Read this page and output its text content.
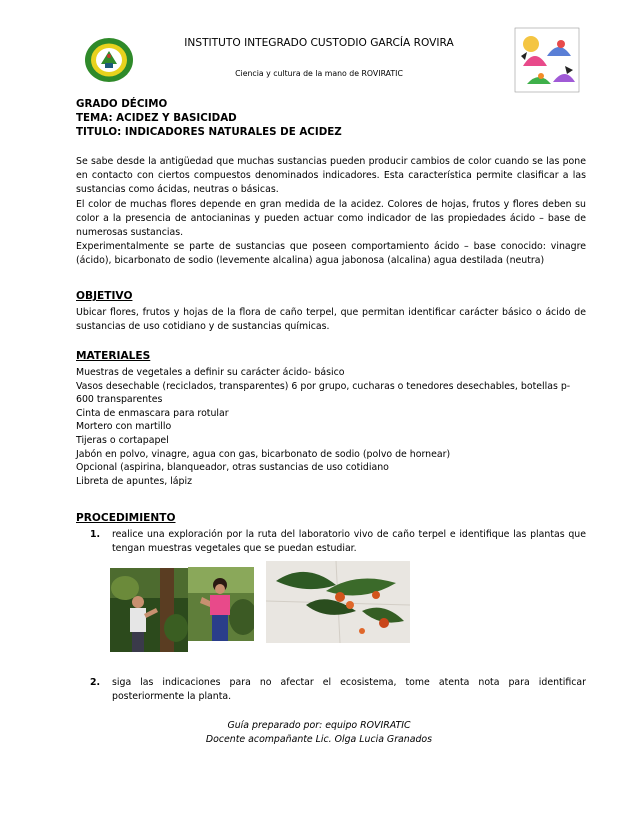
INSTITUTO INTEGRADO CUSTODIO GARCÍA ROVIRA
Ciencia y cultura de la mano de ROVIRATIC
GRADO DÉCIMO
TEMA: ACIDEZ Y BASICIDAD
TITULO: INDICADORES NATURALES DE ACIDEZ

Se sabe desde la antigüedad que muchas sustancias pueden producir cambios de color cuando se las pone en contacto con ciertos compuestos denominados indicadores. Esta característica permite clasificar a las sustancias como ácidas, neutras o básicas.

El color de muchas flores depende en gran medida de la acidez. Colores de hojas, frutos y flores deben su color a la presencia de antocianinas y pueden actuar como indicador de las propiedades ácido – base de numerosas sustancias.

Experimentalmente se parte de sustancias que poseen comportamiento ácido – base conocido: vinagre (ácido), bicarbonato de sodio (levemente alcalina) agua jabonosa (alcalina) agua destilada (neutra)

OBJETIVO
Ubicar flores, frutos y hojas de la flora de caño terpel, que permitan identificar carácter básico o ácido de sustancias de uso cotidiano y de sustancias químicas.
MATERIALES
Muestras de vegetales a definir su carácter ácido- básico
Vasos desechable (reciclados, transparentes) 6 por grupo, cucharas o tenedores desechables, botellas p-600 transparentes
Cinta de enmascara para rotular
Mortero con martillo
Tijeras o cortapapel
Jabón en polvo, vinagre, agua con gas, bicarbonato de sodio (polvo de hornear)
Opcional (aspirina, blanqueador, otras sustancias de uso cotidiano
Libreta de apuntes, lápiz
PROCEDIMIENTO
1. realice una exploración por la ruta del laboratorio vivo de caño terpel e identifique las plantas que tengan muestras vegetales que se puedan estudiar.
2. siga las indicaciones para no afectar el ecosistema, tome atenta nota para identificar posteriormente la planta.
Guía preparado por: equipo ROVIRATIC
Docente acompañante Lic. Olga Lucia Granados
